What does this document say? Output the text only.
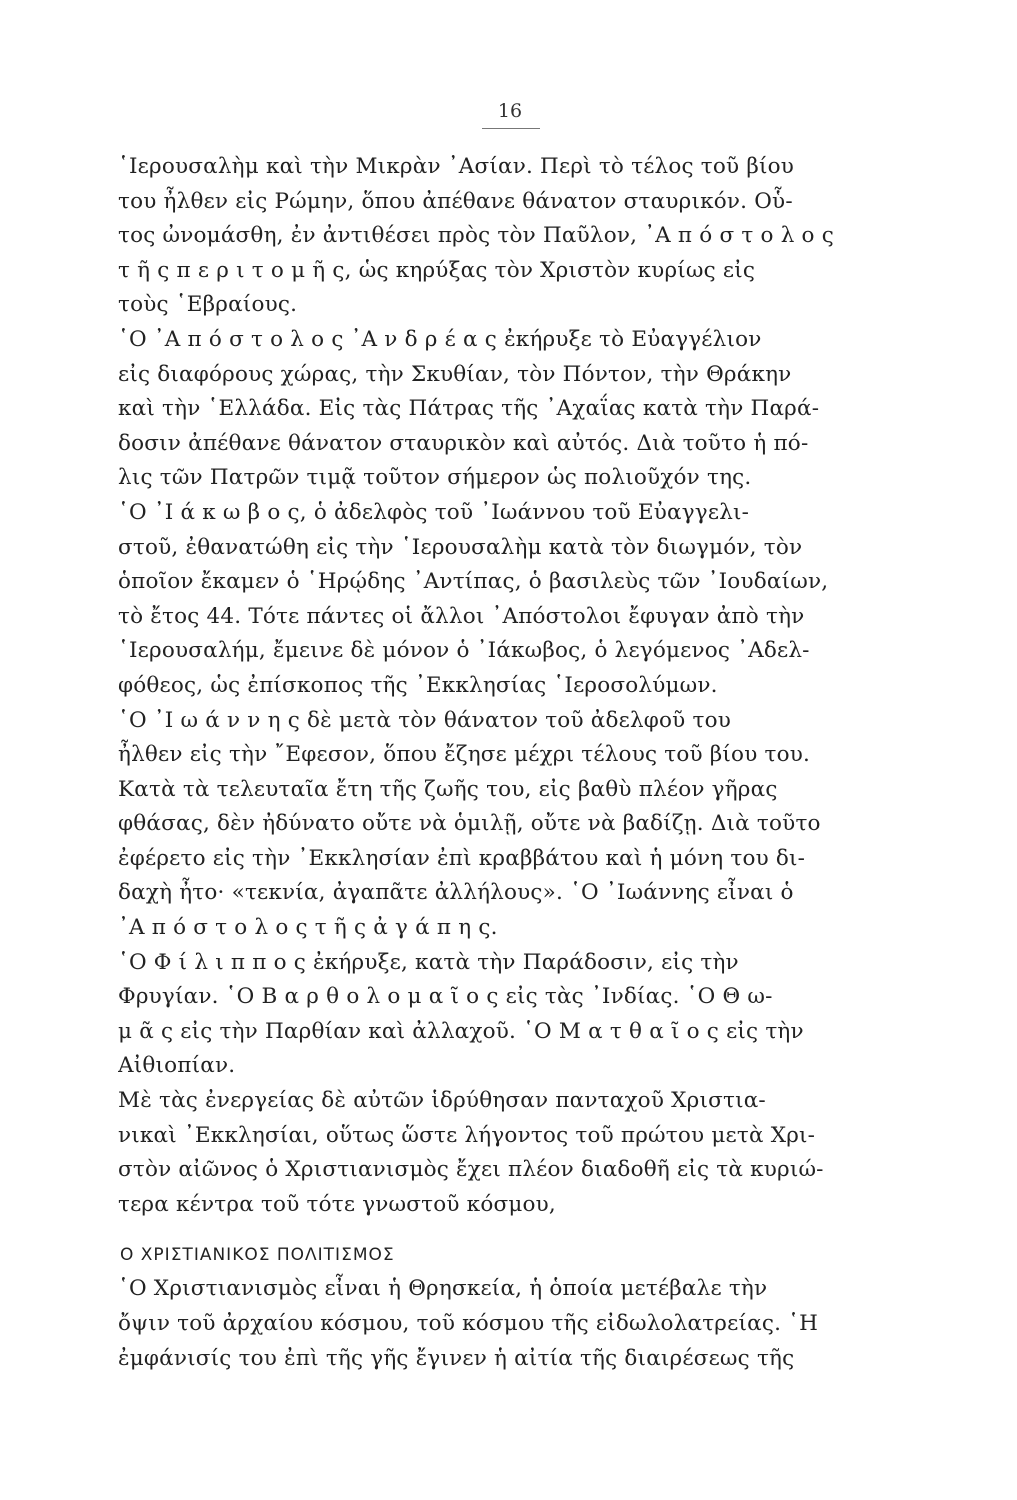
16
῾Ιερουσαλὴμ καὶ τὴν Μικρὰν ᾿Ασίαν. Περὶ τὸ τέλος τοῦ βίου
του ἦλθεν εἰς Ρώμην, ὅπου ἀπέθανε θάνατον σταυρικόν. Οὗ-
τος ὠνομάσθη, ἐν ἀντιθέσει πρὸς τὸν Παῦλον, ᾿Α π ό σ τ ο λ ο ς
τ ῆ ς π ε ρ ι τ ο μ ῆ ς, ὡς κηρύξας τὸν Χριστὸν κυρίως εἰς
τοὺς ῾Εβραίους.
῾Ο ᾿Α π ό σ τ ο λ ο ς ᾿Α ν δ ρ έ α ς ἐκήρυξε τὸ Εὐαγγέλιον
εἰς διαφόρους χώρας, τὴν Σκυθίαν, τὸν Πόντον, τὴν Θράκην
καὶ τὴν ῾Ελλάδα. Εἰς τὰς Πάτρας τῆς ᾿Αχαΐας κατὰ τὴν Παρά-
δοσιν ἀπέθανε θάνατον σταυρικὸν καὶ αὐτός. Διὰ τοῦτο ἡ πό-
λις τῶν Πατρῶν τιμᾷ τοῦτον σήμερον ὡς πολιοῦχόν της.
῾Ο ᾿Ι ά κ ω β ο ς, ὁ ἀδελφὸς τοῦ ᾿Ιωάννου τοῦ Εὐαγγελι-
στοῦ, ἐθανατώθη εἰς τὴν ῾Ιερουσαλὴμ κατὰ τὸν διωγμόν, τὸν
ὁποῖον ἔκαμεν ὁ ῾Ηρῴδης ᾿Αντίπας, ὁ βασιλεὺς τῶν ᾿Ιουδαίων,
τὸ ἔτος 44. Τότε πάντες οἱ ἄλλοι ᾿Απόστολοι ἔφυγαν ἀπὸ τὴν
῾Ιερουσαλήμ, ἔμεινε δὲ μόνον ὁ ᾿Ιάκωβος, ὁ λεγόμενος ᾿Αδελ-
φόθεος, ὡς ἐπίσκοπος τῆς ᾿Εκκλησίας ῾Ιεροσολύμων.
῾Ο ᾿Ι ω ά ν ν η ς δὲ μετὰ τὸν θάνατον τοῦ ἀδελφοῦ του
ἦλθεν εἰς τὴν ῎Εφεσον, ὅπου ἔζησε μέχρι τέλους τοῦ βίου του.
Κατὰ τὰ τελευταῖα ἔτη τῆς ζωῆς του, εἰς βαθὺ πλέον γῆρας
φθάσας, δὲν ἠδύνατο οὔτε νὰ ὁμιλῇ, οὔτε νὰ βαδίζῃ. Διὰ τοῦτο
ἐφέρετο εἰς τὴν ᾿Εκκλησίαν ἐπὶ κραββάτου καὶ ἡ μόνη του δι-
δαχὴ ἦτο· «τεκνία, ἀγαπᾶτε ἀλλήλους». ῾Ο ᾿Ιωάννης εἶναι ὁ
᾿Α π ό σ τ ο λ ο ς τ ῆ ς ἀ γ ά π η ς.
῾Ο Φ ί λ ι π π ο ς ἐκήρυξε, κατὰ τὴν Παράδοσιν, εἰς τὴν
Φρυγίαν. ῾Ο Β α ρ θ ο λ ο μ α ῖ ο ς εἰς τὰς ᾿Ινδίας. ῾Ο Θ ω-
μ ᾶ ς εἰς τὴν Παρθίαν καὶ ἀλλαχοῦ. ῾Ο Μ α τ θ α ῖ ο ς εἰς τὴν
Αἰθιοπίαν.
Μὲ τὰς ἐνεργείας δὲ αὐτῶν ἱδρύθησαν πανταχοῦ Χριστια-
νικαὶ ᾿Εκκλησίαι, οὕτως ὥστε λήγοντος τοῦ πρώτου μετὰ Χρι-
στὸν αἰῶνος ὁ Χριστιανισμὸς ἔχει πλέον διαδοθῆ εἰς τὰ κυριώ-
τερα κέντρα τοῦ τότε γνωστοῦ κόσμου,
Ο ΧΡΙΣΤΙΑΝΙΚΟΣ ΠΟΛΙΤΙΣΜΟΣ
῾Ο Χριστιανισμὸς εἶναι ἡ Θρησκεία, ἡ ὁποία μετέβαλε τὴν
ὄψιν τοῦ ἀρχαίου κόσμου, τοῦ κόσμου τῆς εἰδωλολατρείας. ῾Η
ἐμφάνισίς του ἐπὶ τῆς γῆς ἔγινεν ἡ αἰτία τῆς διαιρέσεως τῆς
